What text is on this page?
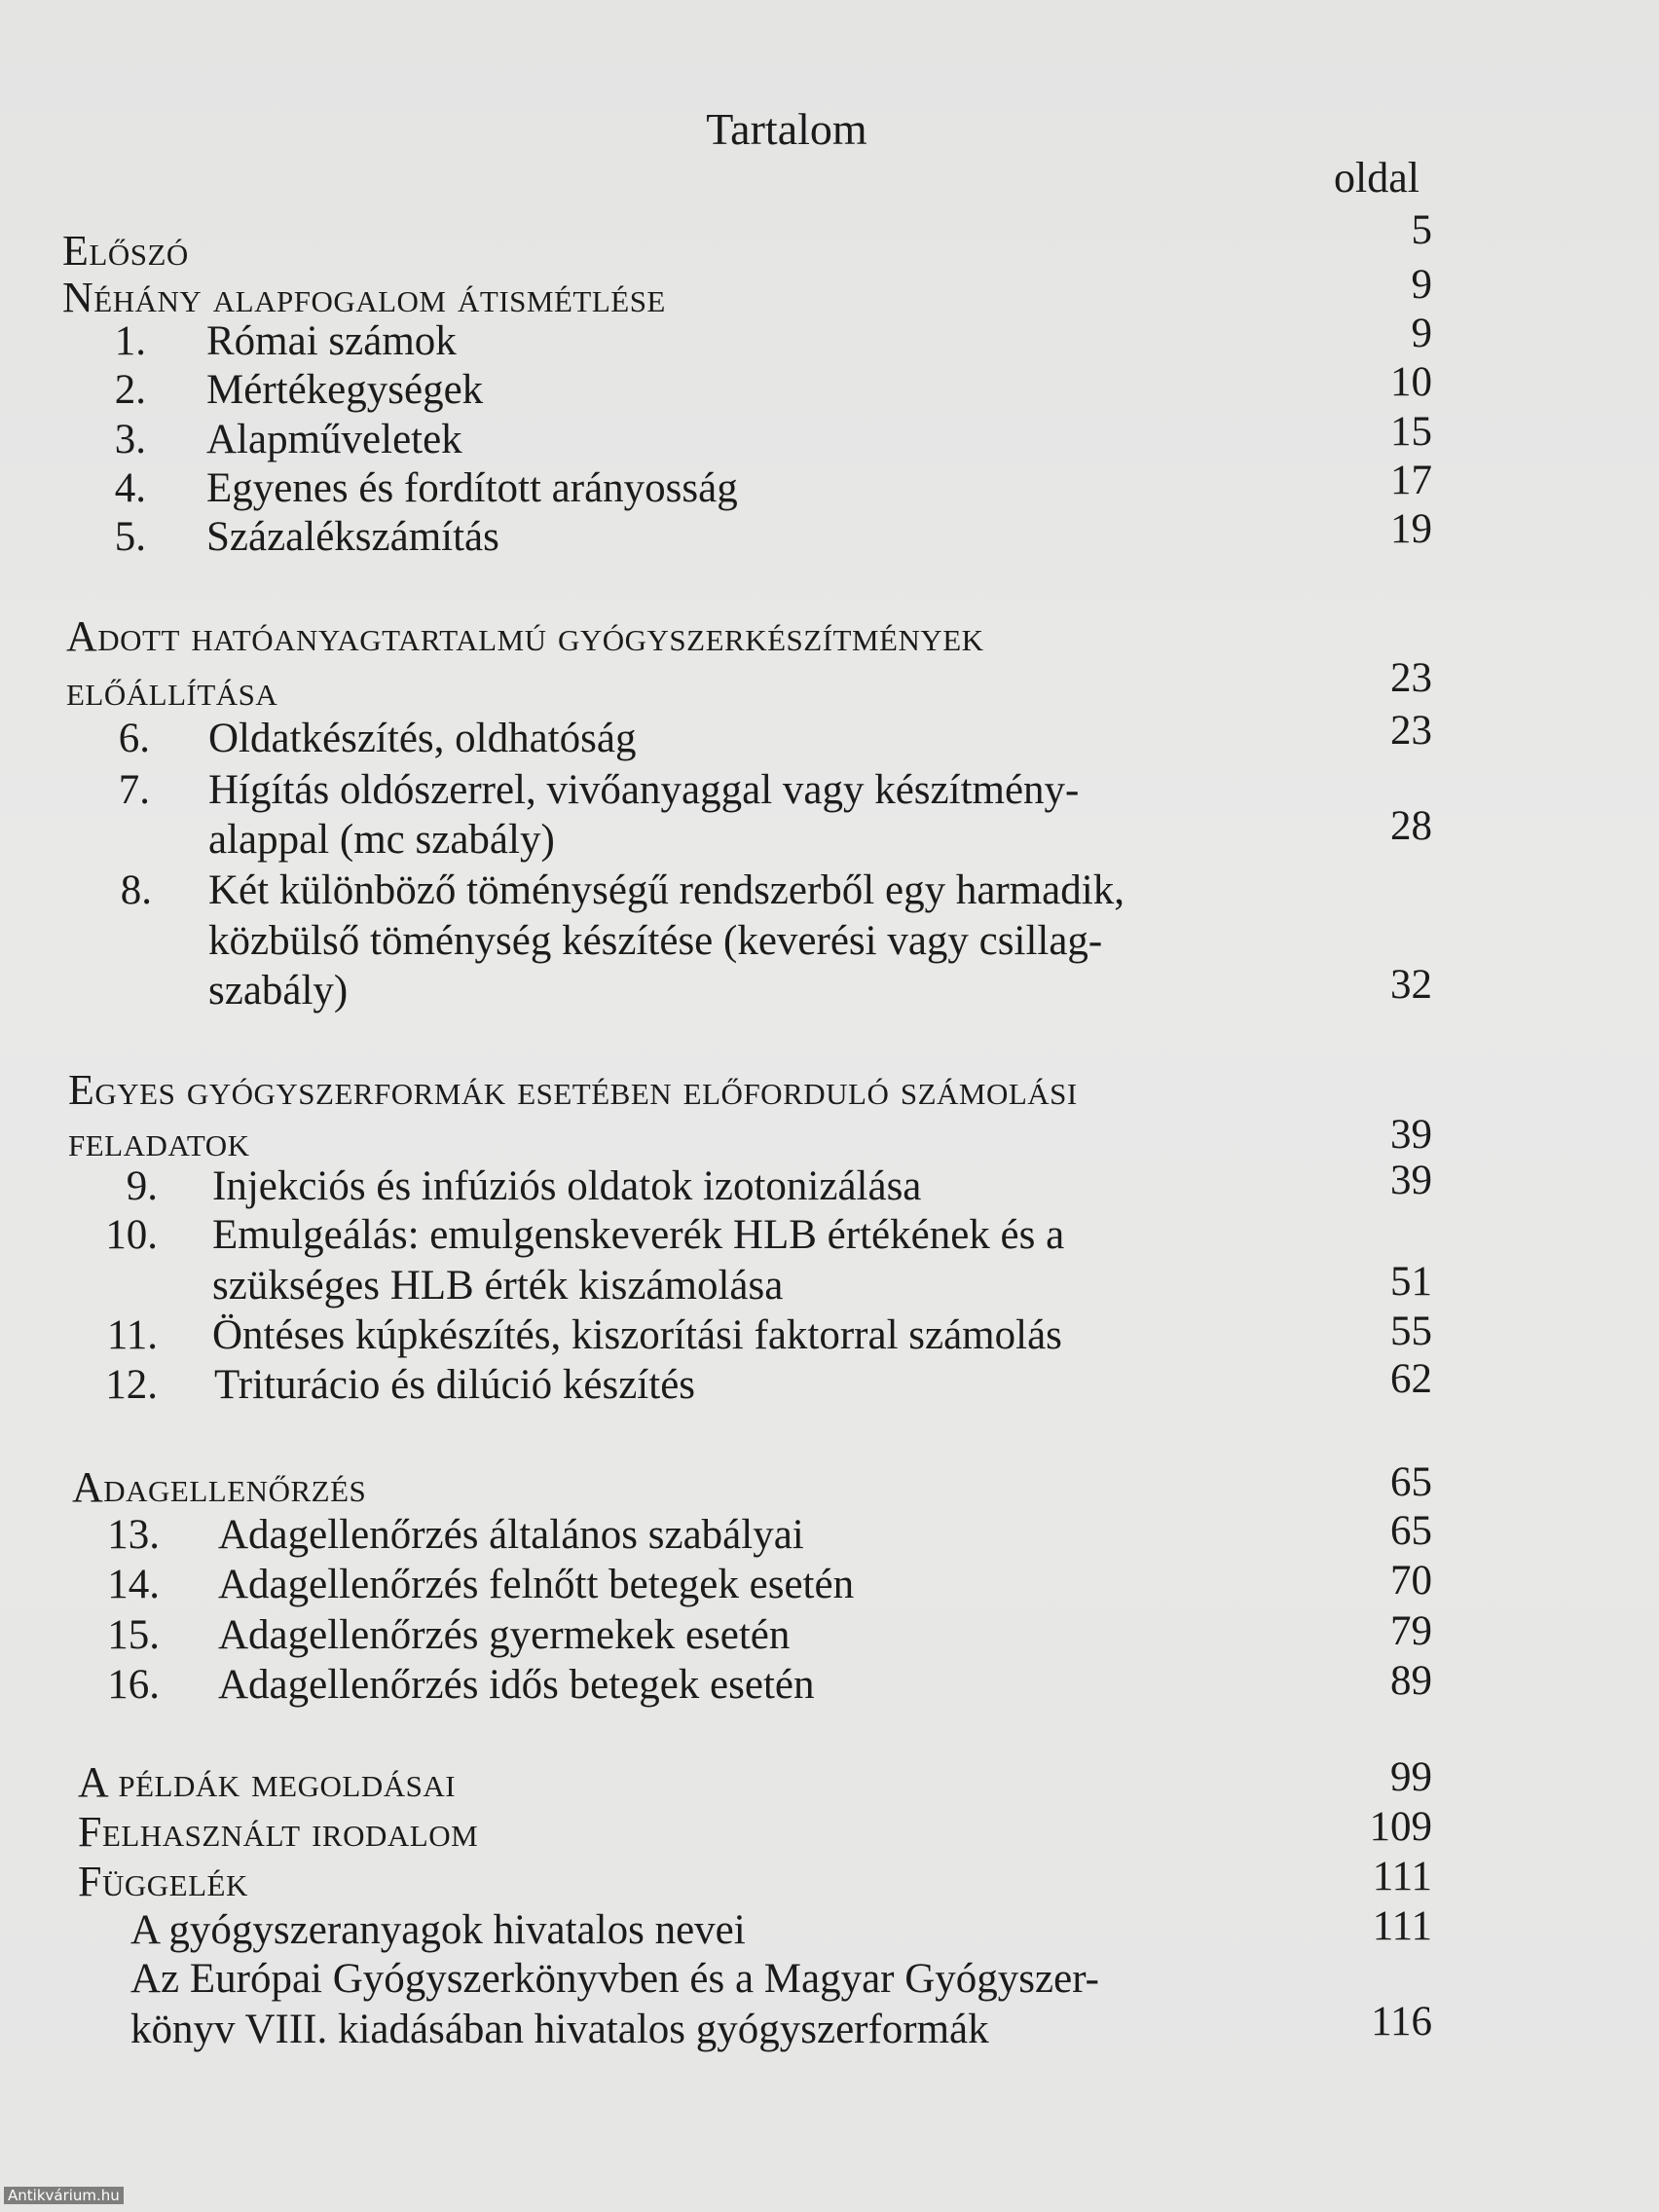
Tartalom
oldal
Előszó	5
Néhány alapfogalom átismétlése	9
1. Római számok	9
2. Mértékegységek	10
3. Alapműveletek	15
4. Egyenes és fordított arányosság	17
5. Százalékszámítás	19
Adott hatóanyagtartalmú gyógyszerkészítmények
előállítása	23
6. Oldatkészítés, oldhatóság	23
7. Hígítás oldószerrel, vivőanyaggal vagy készítmény-
alappal (mc szabály)	28
8. Két különböző töménységű rendszerből egy harmadik,
közbülső töménység készítése (keverési vagy csillag-
szabály)	32
Egyes gyógyszerformák esetében előforduló számolási
feladatok	39
9. Injekciós és infúziós oldatok izotonizálása	39
10. Emulgeálás: emulgenskeverék HLB értékének és a
szükséges HLB érték kiszámolása	51
11. Öntéses kúpkészítés, kiszorítási faktorral számolás	55
12. Triturácio és dilúció készítés	62
Adagellenőrzés	65
13. Adagellenőrzés általános szabályai	65
14. Adagellenőrzés felnőtt betegek esetén	70
15. Adagellenőrzés gyermekek esetén	79
16. Adagellenőrzés idős betegek esetén	89
A példák megoldásai	99
Felhasznált irodalom	109
Függelék	111
A gyógyszeranyagok hivatalos nevei	111
Az Európai Gyógyszerkönyvben és a Magyar Gyógyszer-
könyv VIII. kiadásában hivatalos gyógyszerformák	116
Antikvárium.hu
